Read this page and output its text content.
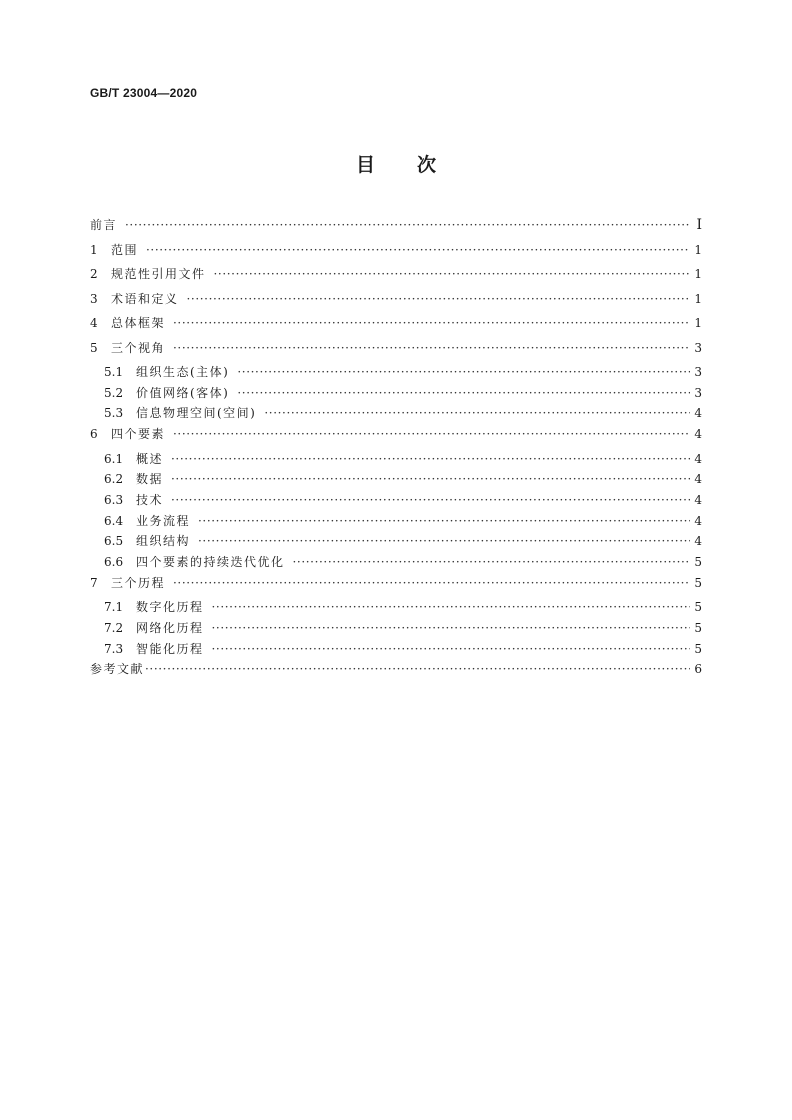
GB/T 23004—2020
目次
前言 ·····	Ⅰ
1	范围 ·····	1
2	规范性引用文件 ·····	1
3	术语和定义 ·····	1
4	总体框架 ·····	1
5	三个视角 ·····	3
5.1	组织生态(主体) ·····	3
5.2	价值网络(客体) ·····	3
5.3	信息物理空间(空间) ·····	4
6	四个要素 ·····	4
6.1	概述 ·····	4
6.2	数据 ·····	4
6.3	技术 ·····	4
6.4	业务流程 ·····	4
6.5	组织结构 ·····	4
6.6	四个要素的持续迭代优化 ·····	5
7	三个历程 ·····	5
7.1	数字化历程 ·····	5
7.2	网络化历程 ·····	5
7.3	智能化历程 ·····	5
参考文献 ·····	6
